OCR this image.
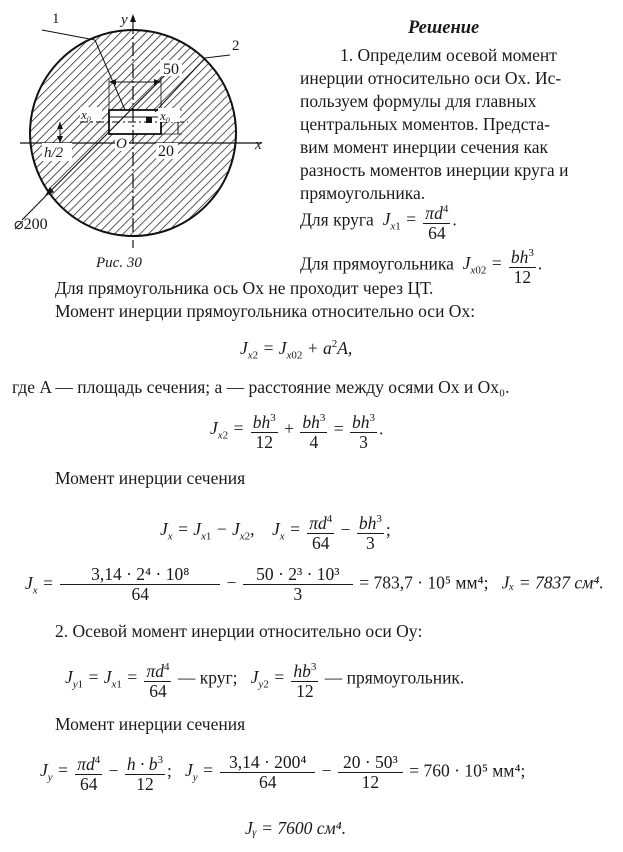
1
2
y
x
x₀	x₀
O
50
20
h/2
⌀200
Рис. 30
Решение
1. Определим осевой момент
инерции относительно оси Ox. Ис-
пользуем формулы для главных
центральных моментов. Предста-
вим момент инерции сечения как
разность моментов инерции круга и
прямоугольника.
Для круга  $J_{x1} = \frac{\pi d^4}{64}$ .
Для прямоугольника  $J_{x02} = \frac{bh^3}{12}$ .
Для прямоугольника ось Ox не проходит через ЦТ.
Момент инерции прямоугольника относительно оси Ox:
$J_{x2} = J_{x02} + a^2A$,
где A — площадь сечения; a — расстояние между осями Ox и Ox₀.
$J_{x2} = \frac{bh^3}{12} + \frac{bh^3}{4} = \frac{bh^3}{3}$ .
Момент инерции сечения
$J_x = J_{x1} - J_{x2}$,    $J_x = \frac{\pi d^4}{64} - \frac{bh^3}{3}$ ;
$J_x = \frac{\text{3,14 · 2⁴ · 10⁸}}{64} - \frac{\text{50 · 2³ · 10³}}{3} = 783,7 \cdot 10^5$ мм⁴; Jₓ = 7837 см⁴.
2. Осевой момент инерции относительно оси Oy:
$J_{y1} = J_{x1} = \frac{\pi d^4}{64}$ — круг; $J_{y2} = \frac{hb^3}{12}$ — прямоугольник.
Момент инерции сечения
$J_y = \frac{\pi d^4}{64} - \frac{h \cdot b^3}{12}$ ;   $J_y = \frac{\text{3,14 · 200⁴}}{64} - \frac{\text{20 · 50³}}{12} = 760 \cdot 10^5$ мм⁴;
Jᵧ = 7600 см⁴.
